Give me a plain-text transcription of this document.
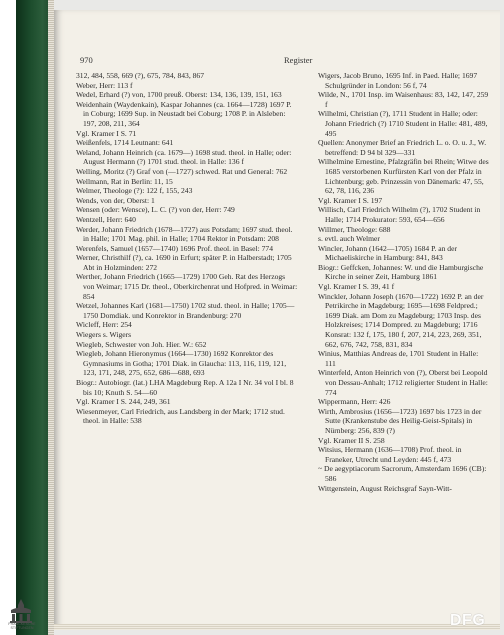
970	Register

312, 484, 558, 669 (?), 675, 784, 843, 867

Weber, Herr: 113 f

Wedel, Erhard (?) von, 1700 preuß. Oberst: 134, 136, 139, 151, 163

Weidenhain (Waydenkain), Kaspar Johannes (ca. 1664—1728) 1697 P. in Coburg; 1699 Sup. in Neustadt bei Coburg; 1708 P. in Alsleben: 197, 208, 211, 364

Vgl. Kramer I S. 71

Weißenfels, 1714 Leutnant: 641

Weland, Johann Heinrich (ca. 1679—) 1698 stud. theol. in Halle; oder: August Hermann (?) 1701 stud. theol. in Halle: 136 f

Welling, Moritz (?) Graf von (—1727) schwed. Rat und General: 762

Wellmann, Rat in Berlin: 11, 15

Welmer, Theologe (?): 122 f, 155, 243

Wends, von der, Oberst: 1

Wensen (oder: Wensce), L. C. (?) von der, Herr: 749

Wentzell, Herr: 640

Werder, Johann Friedrich (1678—1727) aus Potsdam; 1697 stud. theol. in Halle; 1701 Mag. phil. in Halle; 1704 Rektor in Potsdam: 208

Werenfels, Samuel (1657—1740) 1696 Prof. theol. in Basel: 774

Werner, Christhilf (?), ca. 1690 in Erfurt; später P. in Halberstadt; 1705 Abt in Holzminden: 272

Werther, Johann Friedrich (1665—1729) 1700 Geh. Rat des Herzogs von Weimar; 1715 Dr. theol., Oberkirchenrat und Hofpred. in Weimar: 854

Wetzel, Johannes Karl (1681—1750) 1702 stud. theol. in Halle; 1705—1750 Domdiak. und Konrektor in Brandenburg: 270

Wicleff, Herr: 254

Wiegers s. Wigers

Wiegleb, Schwester von Joh. Hier. W.: 652

Wiegleb, Johann Hieronymus (1664—1730) 1692 Konrektor des Gymnasiums in Gotha; 1701 Diak. in Glaucha: 113, 116, 119, 121, 123, 171, 248, 275, 652, 686—688, 693

Biogr.: Autobiogr. (lat.) LHA Magdeburg Rep. A 12a I Nr. 34 vol I bl. 8 bis 10; Knuth S. 54—60

Vgl. Kramer I S. 244, 249, 361

Wiesenmeyer, Carl Friedrich, aus Landsberg in der Mark; 1712 stud. theol. in Halle: 538

Wigers, Jacob Bruno, 1695 Inf. in Paed. Halle; 1697 Schulgründer in London: 56 f, 74

Wilde, N., 1701 Insp. im Waisenhaus: 83, 142, 147, 259 f

Wilhelmi, Christian (?), 1711 Student in Halle; oder: Johann Friedrich (?) 1710 Student in Halle: 481, 489, 495

Quellen: Anonymer Brief an Friedrich L. o. O. u. J., W. betreffend: D 94 bl 329—331

Wilhelmine Ernestine, Pfalzgräfin bei Rhein; Witwe des 1685 verstorbenen Kurfürsten Karl von der Pfalz in Lichtenburg; geb. Prinzessin von Dänemark: 47, 55, 62, 78, 116, 236

Vgl. Kramer I S. 197

Willisch, Carl Friedrich Wilhelm (?), 1702 Student in Halle; 1714 Prokurator: 593, 654—656

Willmer, Theologe: 688

s. evtl. auch Welmer

Wincler, Johann (1642—1705) 1684 P. an der Michaeliskirche in Hamburg: 841, 843

Biogr.: Geffcken, Johannes: W. und die Hamburgische Kirche in seiner Zeit, Hamburg 1861

Vgl. Kramer I S. 39, 41 f

Winckler, Johann Joseph (1670—1722) 1692 P. an der Petrikirche in Magdeburg; 1695—1698 Feldpred.; 1699 Diak. am Dom zu Magdeburg; 1703 Insp. des Holzkreises; 1714 Dompred. zu Magdeburg; 1716 Konsrat: 132 f, 175, 180 f, 207, 214, 223, 269, 351, 662, 676, 742, 758, 831, 834

Winius, Matthias Andreas de, 1701 Student in Halle: 111

Winterfeld, Anton Heinrich von (?), Oberst bei Leopold von Dessau-Anhalt; 1712 religierter Student in Halle: 774

Wippermann, Herr: 426

Wirth, Ambrosius (1656—1723) 1697 bis 1723 in der Sutte (Krankenstube des Heilig-Geist-Spitals) in Nürnberg: 256, 839 (?)

Vgl. Kramer II S. 258

Witsius, Hermann (1636—1708) Prof. theol. in Franeker, Utrecht und Leyden: 445 f, 473

~ De aegyptiacorum Sacrorum, Amsterdam 1696 (CB): 586

Wittgenstein, August Reichsgraf Sayn-Witt-

FRANCKESCHE STIFTUNGEN	DFG
